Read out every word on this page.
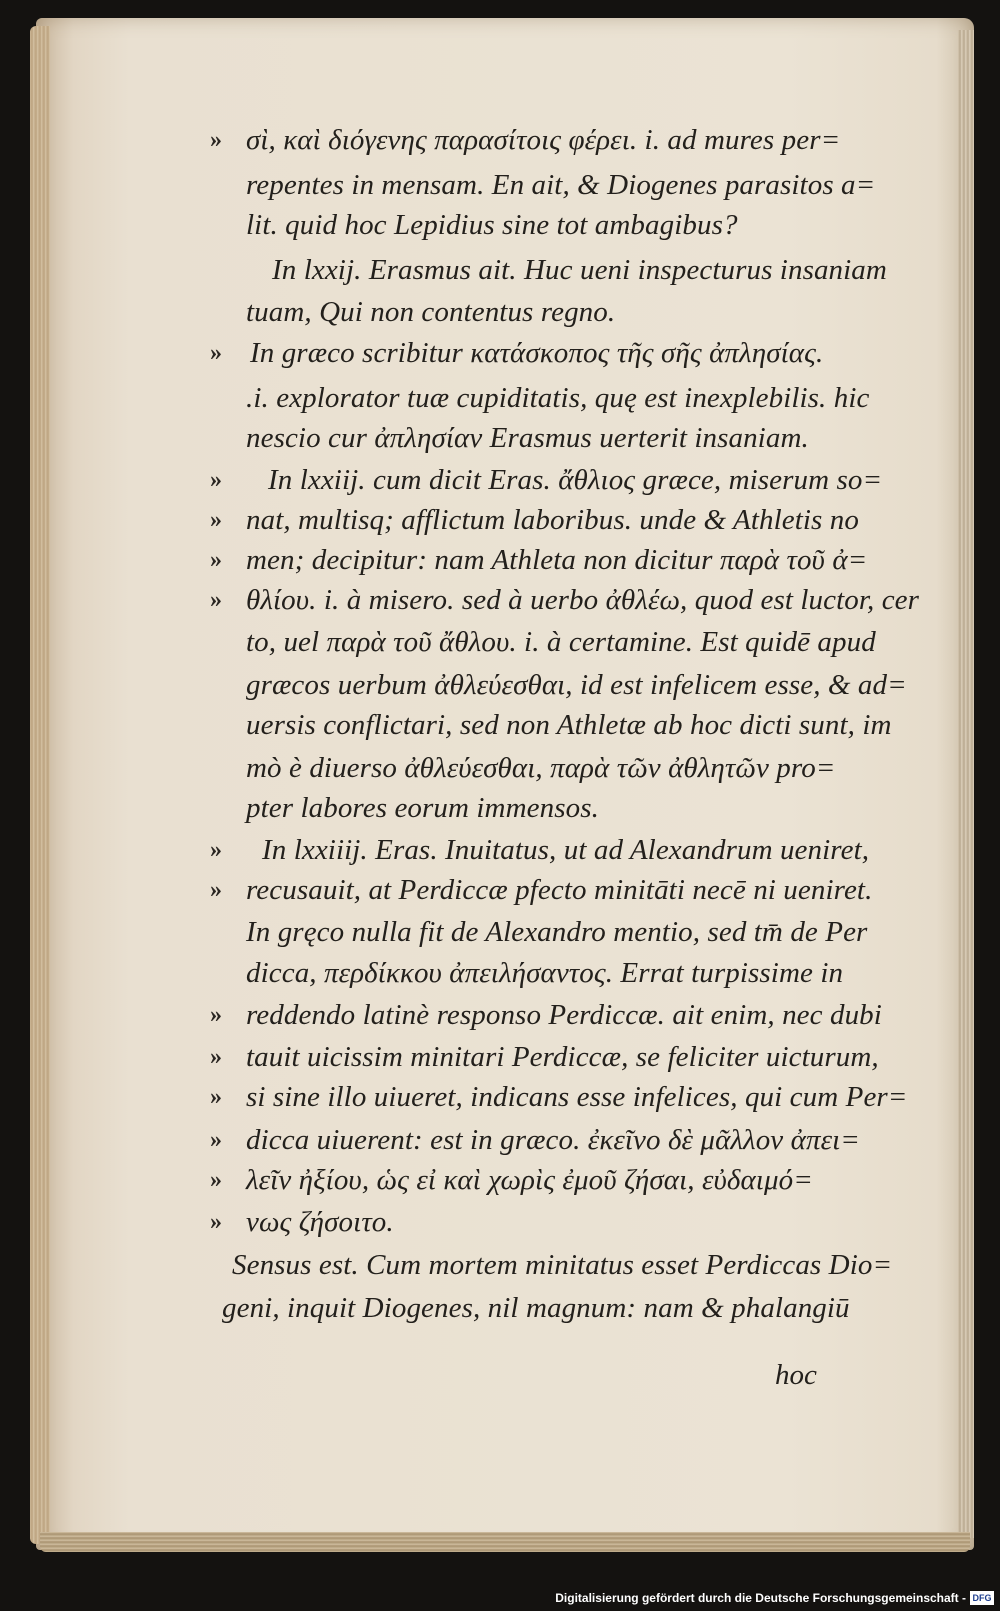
σὶ, καὶ διόγενης παρασίτοις φέρει. i. ad mures per=
»
repentes in mensam. En ait, & Diogenes parasitos a=
lit. quid hoc Lepidius sine tot ambagibus?
In lxxij. Erasmus ait. Huc ueni inspecturus insaniam
tuam, Qui non contentus regno.
In græco scribitur κατάσκοπος τῆς σῆς ἀπλησίας.
»
.i. explorator tuæ cupiditatis, quę est inexplebilis. hic
nescio cur ἀπλησίαν Erasmus uerterit insaniam.
In lxxiij. cum dicit Eras. ἄθλιος græce, miserum so=
»
nat, multisq; afflictum laboribus. unde & Athletis no
»
men; decipitur: nam Athleta non dicitur παρὰ τοῦ ἀ=
»
θλίου. i. à misero. sed à uerbo ἀθλέω, quod est luctor, cer
»
to, uel παρὰ τοῦ ἄθλου. i. à certamine. Est quidē apud
græcos uerbum ἀθλεύεσθαι, id est infelicem esse, & ad=
uersis conflictari, sed non Athletæ ab hoc dicti sunt, im
mò è diuerso ἀθλεύεσθαι, παρὰ τῶν ἀθλητῶν pro=
pter labores eorum immensos.
In lxxiiij. Eras. Inuitatus, ut ad Alexandrum ueniret,
»
recusauit, at Perdiccæ pfecto minitāti necē ni ueniret.
»
In gręco nulla fit de Alexandro mentio, sed tm̄ de Per
dicca, περδίκκου ἀπειλήσαντος. Errat turpissime in
reddendo latinè responso Perdiccæ. ait enim, nec dubi
»
tauit uicissim minitari Perdiccæ, se feliciter uicturum,
»
si sine illo uiueret, indicans esse infelices, qui cum Per=
»
dicca uiuerent: est in græco. ἐκεῖνο δὲ μᾶλλον ἀπει=
»
λεῖν ἠξίου, ὡς εἰ καὶ χωρὶς ἐμοῦ ζήσαι, εὐδαιμό=
»
νως ζήσοιτο.
»
Sensus est. Cum mortem minitatus esset Perdiccas Dio=
geni, inquit Diogenes, nil magnum: nam & phalangiū
hoc
Digitalisierung gefördert durch die Deutsche Forschungsgemeinschaft - DFG
